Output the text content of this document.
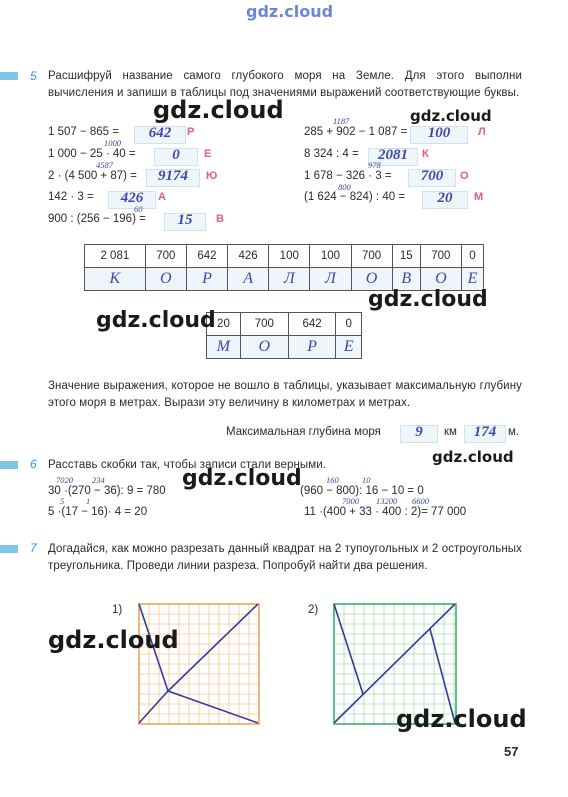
gdz.cloud
5 Расшифруй название самого глубокого моря на Земле. Для этого выполни вычисления и запиши в таблицы под значениями выражений соответствующие буквы.
gdz.cloud	gdz.cloud
1 507 − 865 =	642	Р
1000
1 000 − 25 · 40 =	0	Е
4587
2 · (4 500 + 87) =	9174	Ю
142 · 3 =	426	А
60
900 : (256 − 196) =	15	В
1187
285 + 902 − 1 087 =	100	Л
8 324 : 4 =	2081	К
978
1 678 − 326 · 3 =	700	О
800
(1 624 − 824) : 40 =	20	М
2 081	700	642	426	100	100	700	15	700	0
К	О	Р	А	Л	Л	О	В	О	Е
20	700	642	0
М	О	Р	Е
gdz.cloud
gdz.cloud
Значение выражения, которое не вошло в таблицы, указывает максимальную глубину этого моря в метрах. Вырази эту величину в километрах и метрах.
Максимальная глубина моря	9	км	174	м.
6 Расставь скобки так, чтобы записи стали верными.	gdz.cloud
gdz.cloud
7020 234
30 ·(270 − 36): 9 = 780
5	1
5 ·(17 − 16)· 4 = 20
160	10
(960 − 800): 16 − 10 = 0
7000 13200 6600
11 ·(400 + 33 · 400 : 2)= 77 000
7 Догадайся, как можно разрезать данный квадрат на 2 тупоугольных и 2 остроугольных треугольника. Проведи линии разреза. Попробуй найти два решения.
1)	2)
gdz.cloud
gdz.cloud
57
